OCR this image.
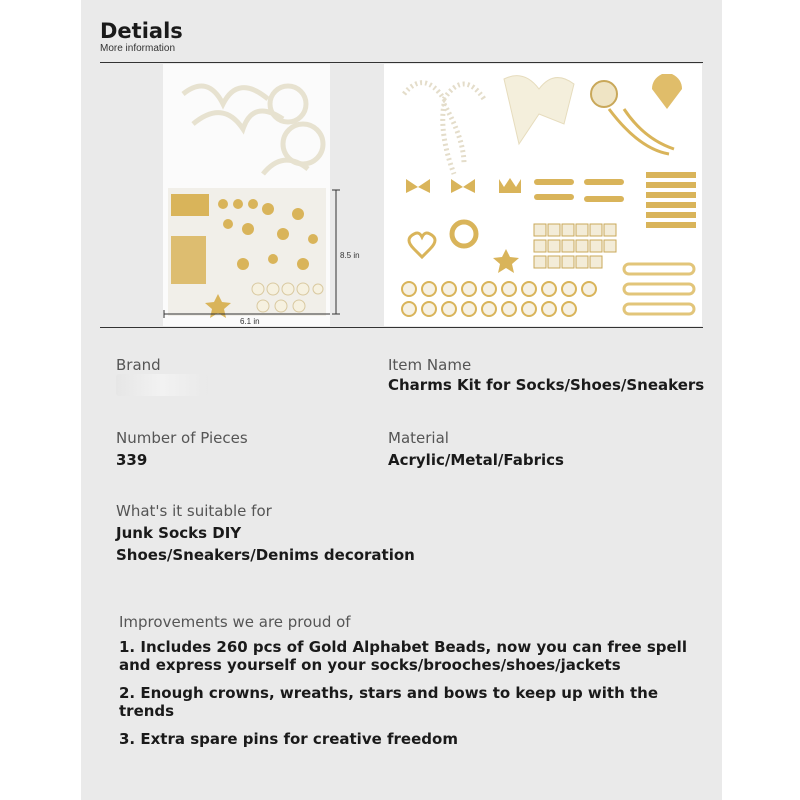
Detials
More information
8.5 in
6.1 in
Brand	Item Name
Charms Kit for Socks/Shoes/Sneakers
Number of Pieces
339
Material
Acrylic/Metal/Fabrics
What's it suitable for
Junk Socks DIY
Shoes/Sneakers/Denims decoration
Improvements we are proud of
1. Includes 260 pcs of Gold Alphabet Beads, now you can free spell and express yourself on your socks/brooches/shoes/jackets
2. Enough crowns, wreaths, stars and bows to keep up with the trends
3. Extra spare pins for creative freedom
